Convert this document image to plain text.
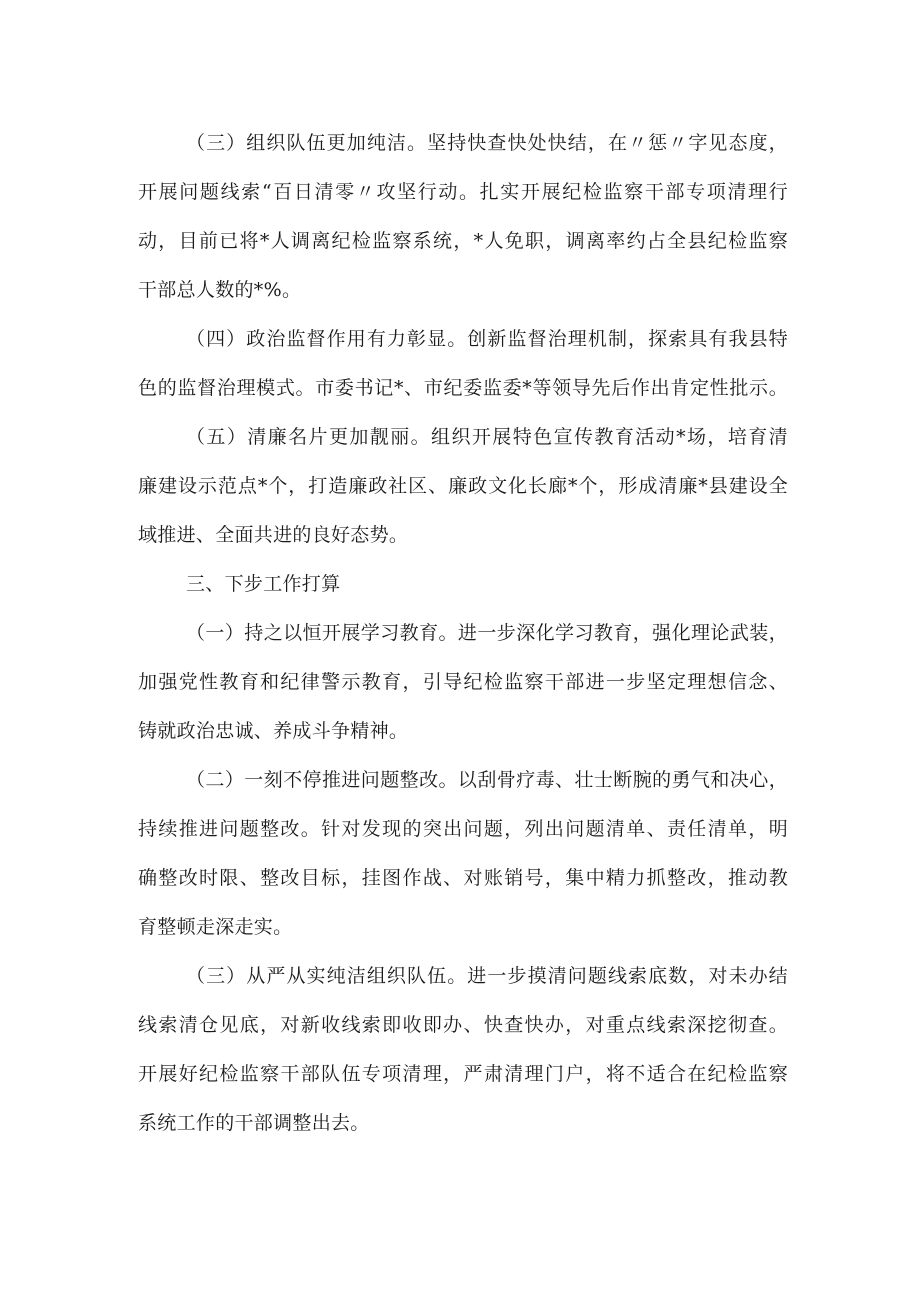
（三）组织队伍更加纯洁。坚持快查快处快结，在〃惩〃字见态度，
开展问题线索“百日清零〃攻坚行动。扎实开展纪检监察干部专项清理行
动，目前已将*人调离纪检监察系统，*人免职，调离率约占全县纪检监察
干部总人数的*%。
（四）政治监督作用有力彰显。创新监督治理机制，探索具有我县特
色的监督治理模式。市委书记*、市纪委监委*等领导先后作出肯定性批示。
（五）清廉名片更加靓丽。组织开展特色宣传教育活动*场，培育清
廉建设示范点*个，打造廉政社区、廉政文化长廊*个，形成清廉*县建设全
域推进、全面共进的良好态势。
三、下步工作打算
（一）持之以恒开展学习教育。进一步深化学习教育，强化理论武装，
加强党性教育和纪律警示教育，引导纪检监察干部进一步坚定理想信念、
铸就政治忠诚、养成斗争精神。
（二）一刻不停推进问题整改。以刮骨疗毒、壮士断腕的勇气和决心，
持续推进问题整改。针对发现的突出问题，列出问题清单、责任清单，明
确整改时限、整改目标，挂图作战、对账销号，集中精力抓整改，推动教
育整顿走深走实。
（三）从严从实纯洁组织队伍。进一步摸清问题线索底数，对未办结
线索清仓见底，对新收线索即收即办、快查快办，对重点线索深挖彻查。
开展好纪检监察干部队伍专项清理，严肃清理门户，将不适合在纪检监察
系统工作的干部调整出去。
